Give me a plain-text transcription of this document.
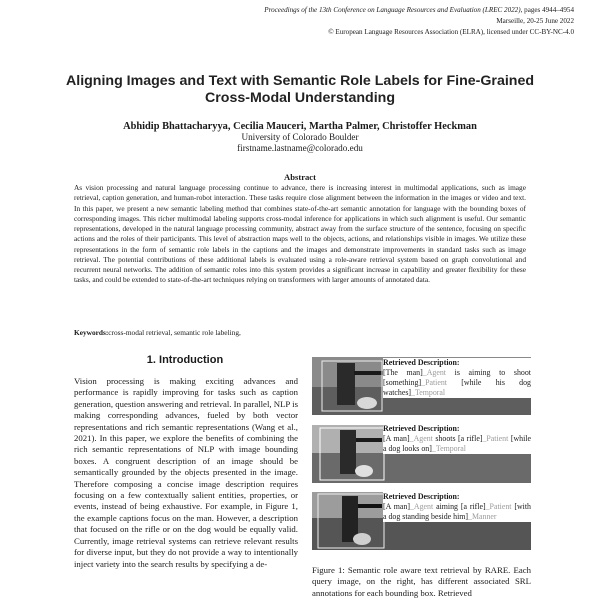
Proceedings of the 13th Conference on Language Resources and Evaluation (LREC 2022), pages 4944–4954
Marseille, 20-25 June 2022
© European Language Resources Association (ELRA), licensed under CC-BY-NC-4.0
Aligning Images and Text with Semantic Role Labels for Fine-Grained
Cross-Modal Understanding
Abhidip Bhattacharyya, Cecilia Mauceri, Martha Palmer, Christoffer Heckman
University of Colorado Boulder
firstname.lastname@colorado.edu
Abstract
As vision processing and natural language processing continue to advance, there is increasing interest in multimodal applications, such as image retrieval, caption generation, and human-robot interaction. These tasks require close alignment between the information in the images or video and text. In this paper, we present a new semantic labeling method that combines state-of-the-art semantic annotation for language with the bounding boxes of corresponding images. This richer multimodal labeling supports cross-modal inference for applications in which such alignment is useful. Our semantic representations, developed in the natural language processing community, abstract away from the surface structure of the sentence, focusing on specific actions and the roles of their participants. This level of abstraction maps well to the objects, actions, and relationships visible in images. We utilize these representations in the form of semantic role labels in the captions and the images and demonstrate improvements in standard tasks such as image retrieval. The potential contributions of these additional labels is evaluated using a role-aware retrieval system based on graph convolutional and recurrent neural networks. The addition of semantic roles into this system provides a significant increase in capability and greater flexibility for these tasks, and could be extended to state-of-the-art techniques relying on transformers with larger amounts of annotated data.
Keywords:cross-modal retrieval, semantic role labeling,
1. Introduction
Vision processing is making exciting advances and performance is rapidly improving for tasks such as caption generation, question answering and retrieval. In parallel, NLP is making corresponding advances, fueled by both vector representations and rich semantic representations (Wang et al., 2021). In this paper, we explore the benefits of combining the rich semantic representations of NLP with image bounding boxes. A congruent description of an image should be semantically grounded by the objects presented in the image. Therefore composing a concise image description requires focusing on a few contextually salient entities, properties, or events, instead of being exhaustive. For example, in Figure 1, the example captions focus on the man. However, a description that focused on the rifle or on the dog would be equally valid. Currently, image retrieval systems can retrieve relevant results for diverse input, but they do not provide a way to intentionally inject variety into the search results by specifying a de-
Retrieved Description:
[The man]_Agent is aiming to shoot [something]_Patient [while his dog watches]_Temporal
Retrieved Description:
[A man]_Agent shoots [a rifle]_Patient [while a dog looks on]_Temporal
Retrieved Description:
[A man]_Agent aiming [a rifle]_Patient [with a dog standing beside him]_Manner
Figure 1: Semantic role aware text retrieval by RARE. Each query image, on the right, has different associated SRL annotations for each bounding box. Retrieved
